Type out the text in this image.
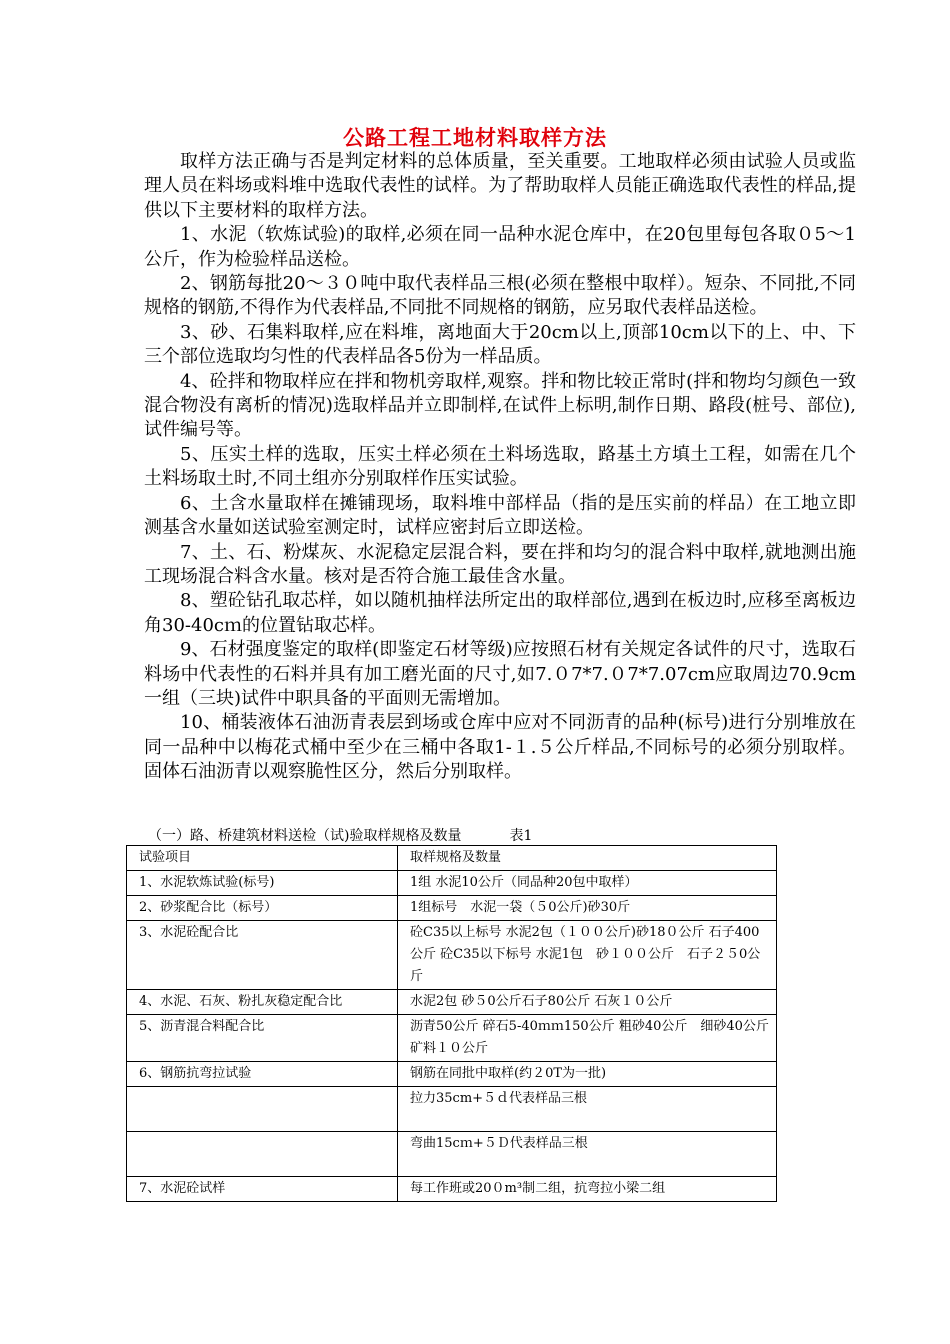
公路工程工地材料取样方法

取样方法正确与否是判定材料的总体质量，至关重要。工地取样必须由试验人员或监理人员在料场或料堆中选取代表性的试样。为了帮助取样人员能正确选取代表性的样品,提供以下主要材料的取样方法。

1、水泥（软炼试验)的取样,必须在同一品种水泥仓库中，在20包里每包各取０5～1公斤，作为检验样品送检。

2、钢筋每批20～３０吨中取代表样品三根(必须在整根中取样）。短杂、不同批,不同规格的钢筋,不得作为代表样品,不同批不同规格的钢筋，应另取代表样品送检。

3、砂、石集料取样,应在料堆，离地面大于20cm以上,顶部10cm以下的上、中、下三个部位选取均匀性的代表样品各5份为一样品质。

4、砼拌和物取样应在拌和物机旁取样,观察。拌和物比较正常时(拌和物均匀颜色一致混合物没有离析的情况)选取样品并立即制样,在试件上标明,制作日期、路段(桩号、部位),试件编号等。

5、压实土样的选取，压实土样必须在土料场选取，路基土方填土工程，如需在几个土料场取土时,不同土组亦分别取样作压实试验。

6、土含水量取样在摊铺现场，取料堆中部样品（指的是压实前的样品）在工地立即测基含水量如送试验室测定时，试样应密封后立即送检。

7、土、石、粉煤灰、水泥稳定层混合料，要在拌和均匀的混合料中取样,就地测出施工现场混合料含水量。核对是否符合施工最佳含水量。

8、塑砼钻孔取芯样，如以随机抽样法所定出的取样部位,遇到在板边时,应移至离板边角30-40cｍ的位置钻取芯样。

9、石材强度鉴定的取样(即鉴定石材等级)应按照石材有关规定各试件的尺寸，选取石料场中代表性的石料并具有加工磨光面的尺寸,如7.０7*7.０7*7.07cm应取周边70.9cm一组（三块)试件中职具备的平面则无需增加。

10、桶装液体石油沥青表层到场或仓库中应对不同沥青的品种(标号)进行分别堆放在同一品种中以梅花式桶中至少在三桶中各取1-１.５公斤样品,不同标号的必须分别取样。固体石油沥青以观察脆性区分，然后分别取样。

（一）路、桥建筑材料送检（试)验取样规格及数量	表1
试验项目	取样规格及数量
1、水泥软炼试验(标号)	1组 水泥10公斤（同品种20包中取样）
2、砂浆配合比（标号）	1组标号　水泥一袋（５0公斤)砂30斤
3、水泥砼配合比	砼C35以上标号 水泥2包（１００公斤)砂18０公斤 石子400公斤 砼C35以下标号 水泥1包　砂１００公斤　石子２５0公斤
4、水泥、石灰、粉扎灰稳定配合比	水泥2包 砂５0公斤石子80公斤 石灰１０公斤
5、沥青混合料配合比	沥青50公斤 碎石5-40ｍｍ150公斤 粗砂40公斤　细砂40公斤 矿料１０公斤
6、钢筋抗弯拉试验	钢筋在同批中取样(约２0T为一批)
	拉力35cm+５ｄ代表样品三根
	弯曲15cｍ+５Ｄ代表样品三根
7、水泥砼试样	每工作班或20０m³制二组，抗弯拉小梁二组
